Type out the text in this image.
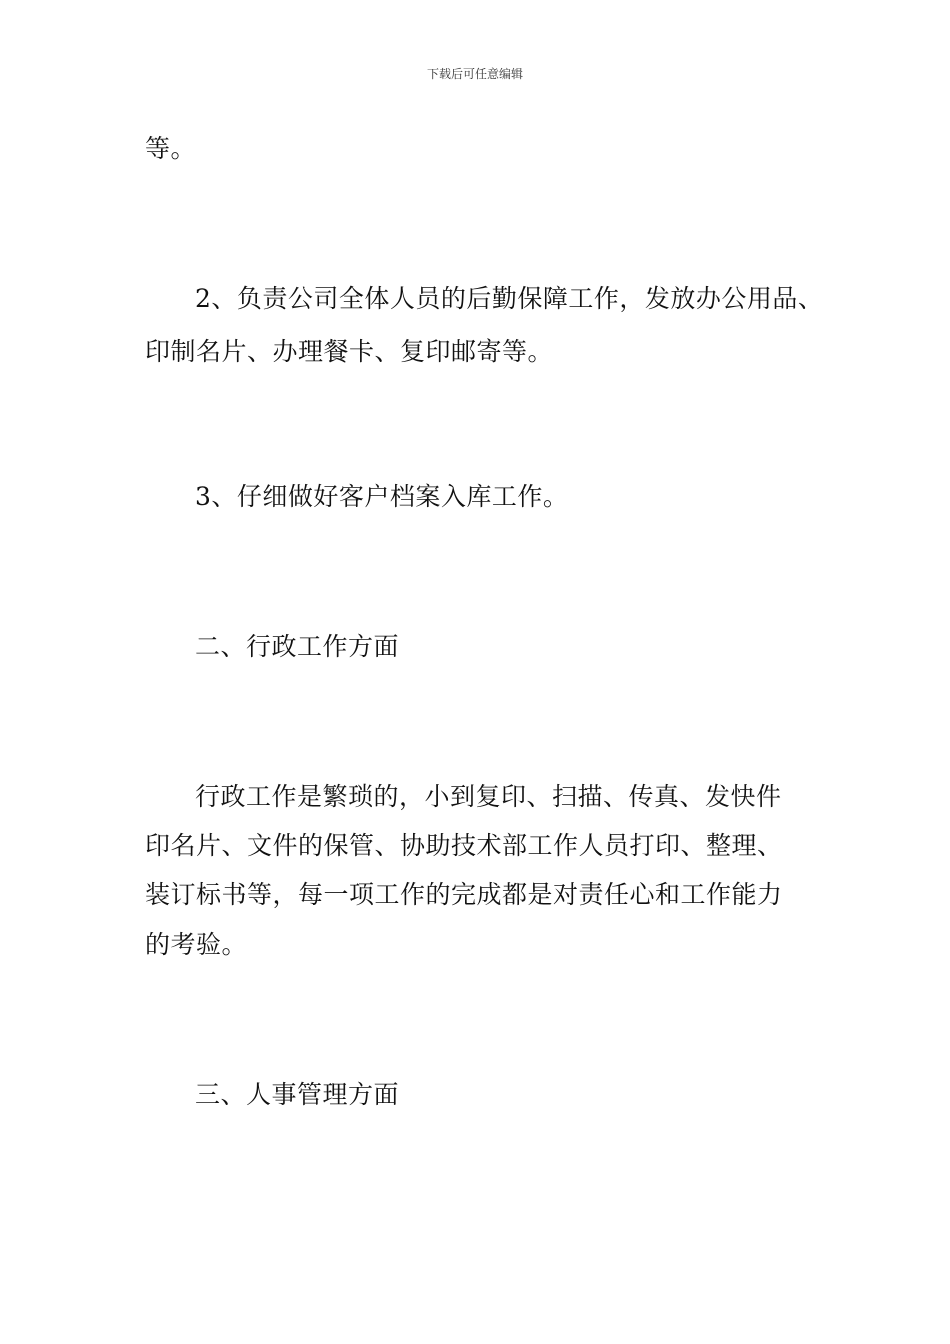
下载后可任意编辑
等。
2、负责公司全体人员的后勤保障工作，发放办公用品、
印制名片、办理餐卡、复印邮寄等。
3、仔细做好客户档案入库工作。
二、行政工作方面
行政工作是繁琐的，小到复印、扫描、传真、发快件
印名片、文件的保管、协助技术部工作人员打印、整理、
装订标书等，每一项工作的完成都是对责任心和工作能力
的考验。
三、人事管理方面
